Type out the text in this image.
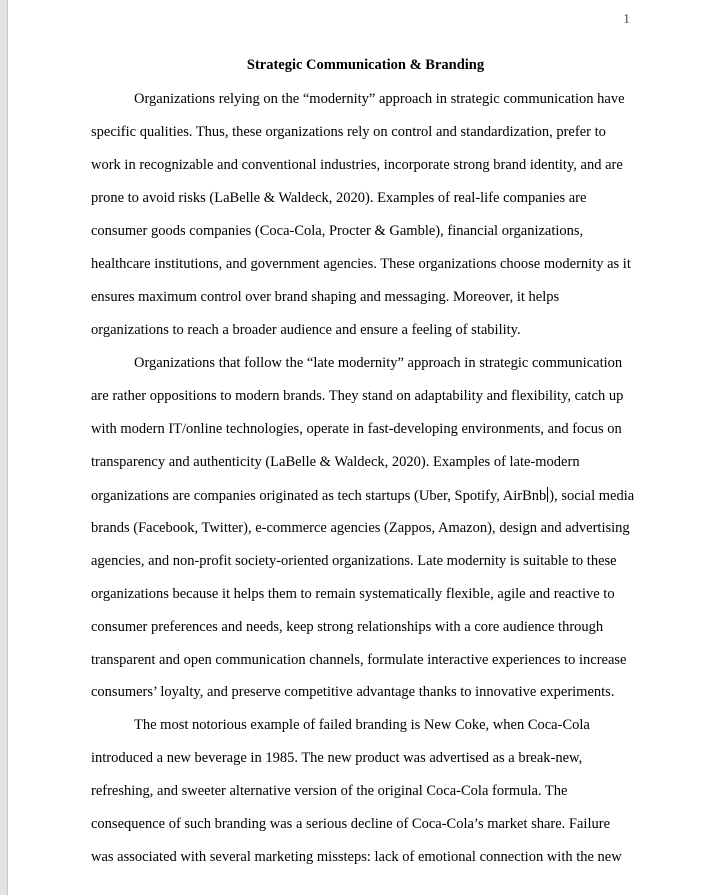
1
Strategic Communication & Branding
Organizations relying on the “modernity” approach in strategic communication have
specific qualities. Thus, these organizations rely on control and standardization, prefer to
work in recognizable and conventional industries, incorporate strong brand identity, and are
prone to avoid risks (LaBelle & Waldeck, 2020). Examples of real-life companies are
consumer goods companies (Coca-Cola, Procter & Gamble), financial organizations,
healthcare institutions, and government agencies. These organizations choose modernity as it
ensures maximum control over brand shaping and messaging. Moreover, it helps
organizations to reach a broader audience and ensure a feeling of stability.
Organizations that follow the “late modernity” approach in strategic communication
are rather oppositions to modern brands. They stand on adaptability and flexibility, catch up
with modern IT/online technologies, operate in fast-developing environments, and focus on
transparency and authenticity (LaBelle & Waldeck, 2020). Examples of late-modern
organizations are companies originated as tech startups (Uber, Spotify, AirBnb ), social media
brands (Facebook, Twitter), e-commerce agencies (Zappos, Amazon), design and advertising
agencies, and non-profit society-oriented organizations. Late modernity is suitable to these
organizations because it helps them to remain systematically flexible, agile and reactive to
consumer preferences and needs, keep strong relationships with a core audience through
transparent and open communication channels, formulate interactive experiences to increase
consumers’ loyalty, and preserve competitive advantage thanks to innovative experiments.
The most notorious example of failed branding is New Coke, when Coca-Cola
introduced a new beverage in 1985. The new product was advertised as a break-new,
refreshing, and sweeter alternative version of the original Coca-Cola formula. The
consequence of such branding was a serious decline of Coca-Cola’s market share. Failure
was associated with several marketing missteps: lack of emotional connection with the new
